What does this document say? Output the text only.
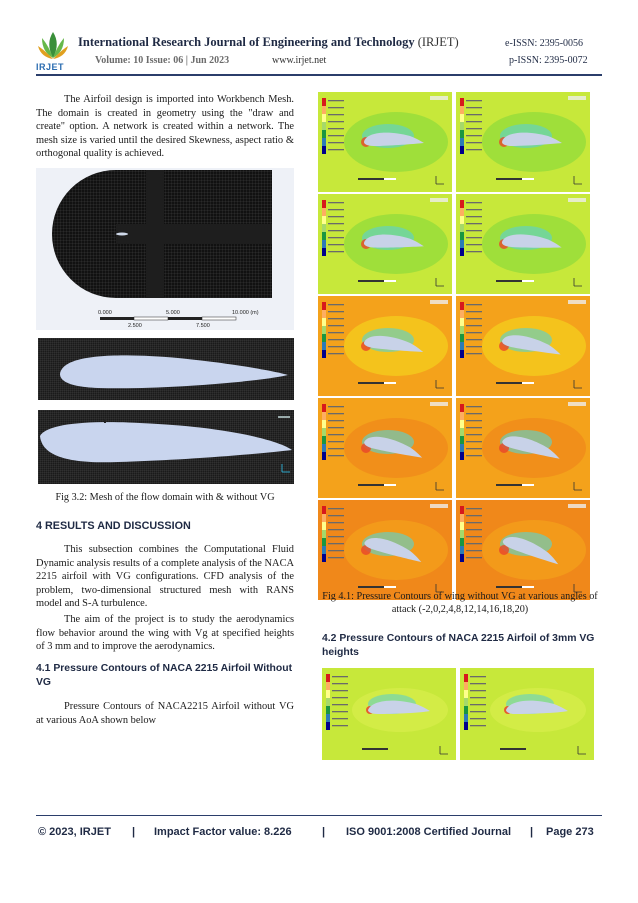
IRJET
International Research Journal of Engineering and Technology (IRJET)	e-ISSN: 2395-0056
Volume: 10 Issue: 06 | Jun 2023	www.irjet.net	p-ISSN: 2395-0072
The Airfoil design is imported into Workbench Mesh. The domain is created in geometry using the "draw and create" option. A network is created within a network. The mesh size is varied until the desired Skewness, aspect ratio & orthogonal quality is achieved.
0.000	5.000	10.000 (m)
2.500	7.500
Fig 3.2: Mesh of the flow domain with & without VG
4 RESULTS AND DISCUSSION
This subsection combines the Computational Fluid Dynamic analysis results of a complete analysis of the NACA 2215 airfoil with VG configurations. CFD analysis of the problem, two-dimensional structured mesh with RANS model and S-A turbulence.
The aim of the project is to study the aerodynamics flow behavior around the wing with Vg at specified heights of 3 mm and to improve the aerodynamics.
4.1 Pressure Contours of NACA 2215 Airfoil Without VG
Pressure Contours of NACA2215 Airfoil without VG at various AoA shown below
Fig 4.1: Pressure Contours of wing without VG at various angles of attack (-2,0,2,4,8,12,14,16,18,20)
4.2 Pressure Contours of NACA 2215 Airfoil of 3mm VG heights
© 2023, IRJET | Impact Factor value: 8.226	| ISO 9001:2008 Certified Journal | Page 273
